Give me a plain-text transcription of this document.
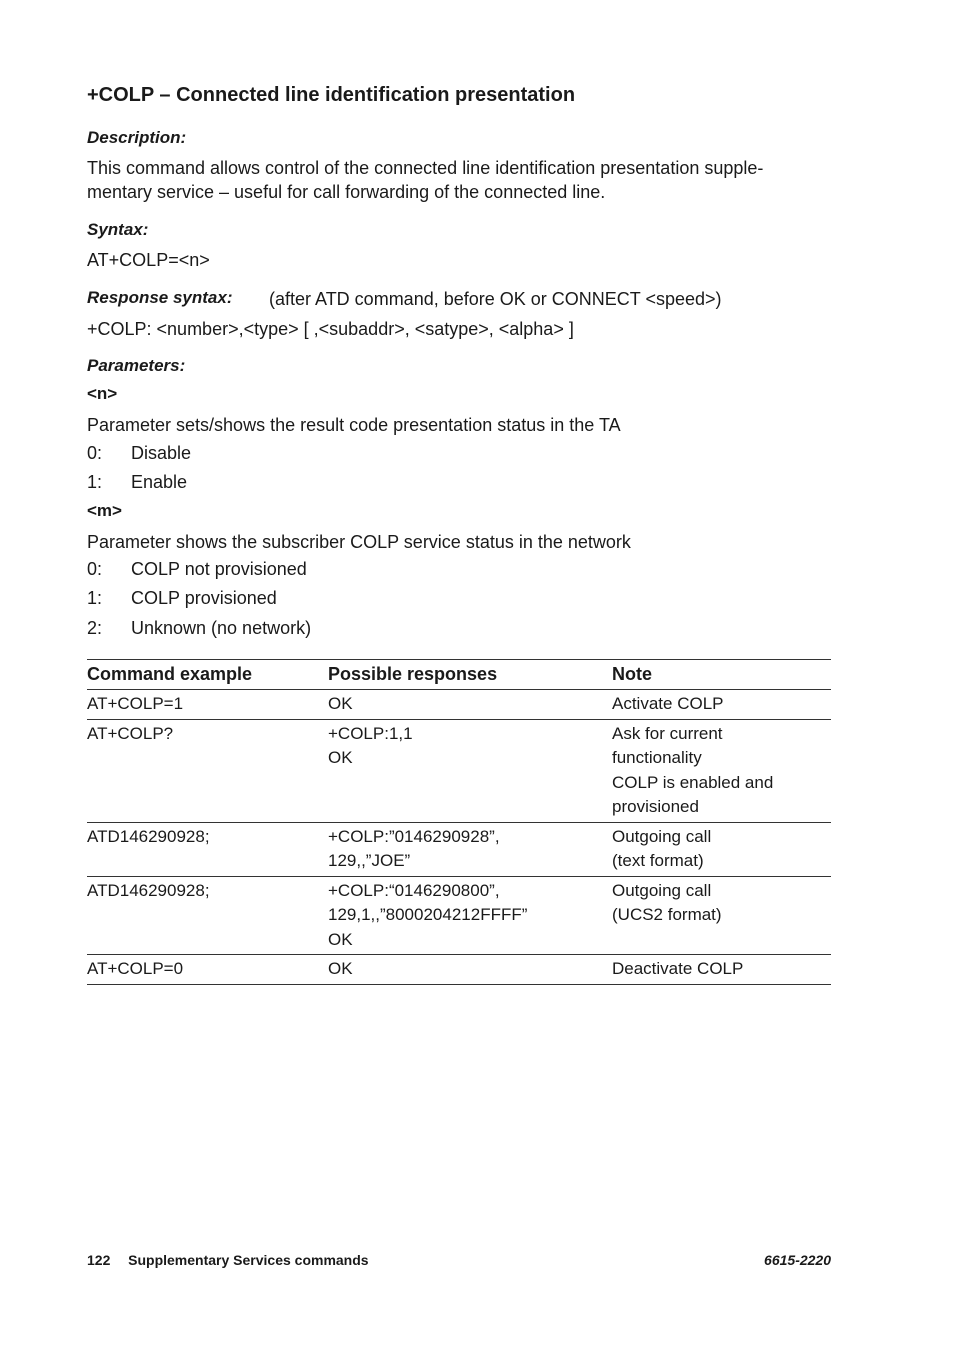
+COLP – Connected line identification presentation
Description:
This command allows control of the connected line identification presentation supple-
mentary service – useful for call forwarding of the connected line.
Syntax:
AT+COLP=<n>
Response syntax: (after ATD command, before OK or CONNECT <speed>)
+COLP: <number>,<type> [ ,<subaddr>, <satype>, <alpha> ]
Parameters:
<n>
Parameter sets/shows the result code presentation status in the TA
0: Disable
1: Enable
<m>
Parameter shows the subscriber COLP service status in the network
0: COLP not provisioned
1: COLP provisioned
2: Unknown (no network)
Command example	Possible responses	Note
AT+COLP=1	OK	Activate COLP

AT+COLP?	+COLP:1,1
OK	Ask for current
functionality
COLP is enabled and
provisioned

ATD146290928;	+COLP:”0146290928”,
129,,”JOE”	Outgoing call
(text format)

ATD146290928;	+COLP:“0146290800”,
129,1,,”8000204212FFFF”
OK	Outgoing call
(UCS2 format)

AT+COLP=0	OK	Deactivate COLP
122 Supplementary Services commands	6615-2220
